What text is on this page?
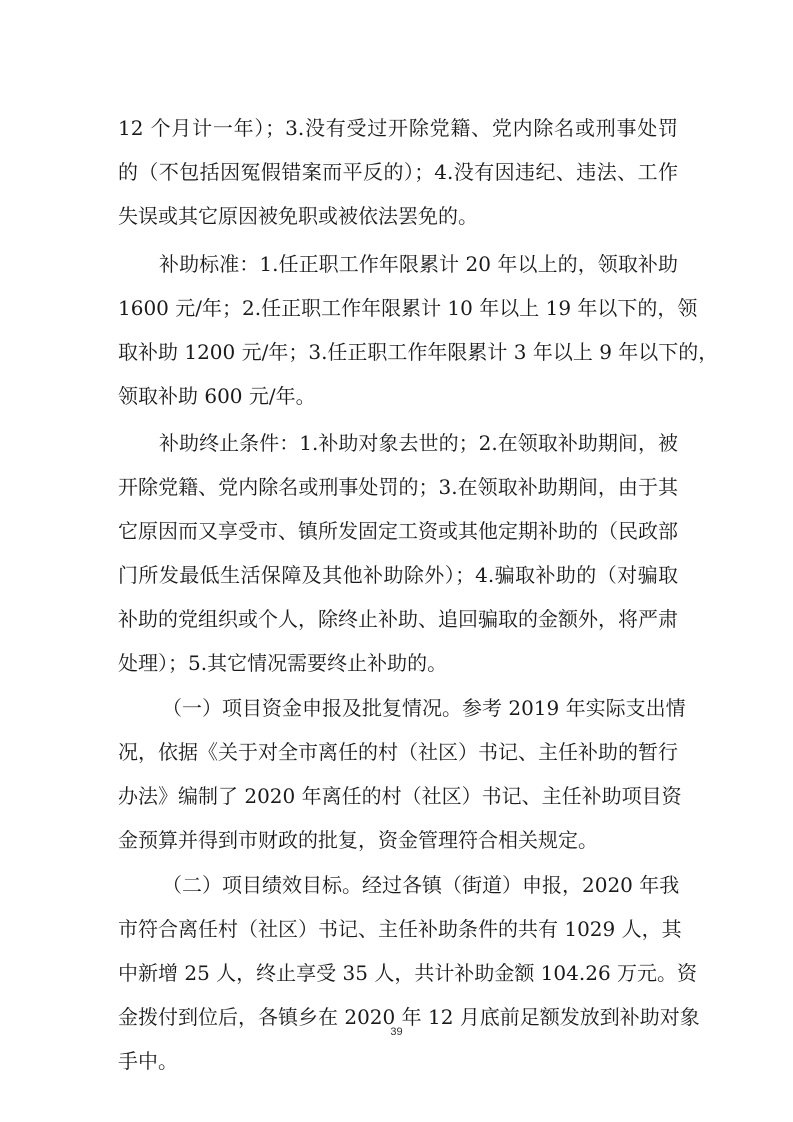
12 个月计一年）；3.没有受过开除党籍、党内除名或刑事处罚
的（不包括因冤假错案而平反的）；4.没有因违纪、违法、工作
失误或其它原因被免职或被依法罢免的。
补助标准：1.任正职工作年限累计 20 年以上的，领取补助
1600 元/年；2.任正职工作年限累计 10 年以上 19 年以下的，领
取补助 1200 元/年；3.任正职工作年限累计 3 年以上 9 年以下的，
领取补助 600 元/年。
补助终止条件：1.补助对象去世的；2.在领取补助期间，被
开除党籍、党内除名或刑事处罚的；3.在领取补助期间，由于其
它原因而又享受市、镇所发固定工资或其他定期补助的（民政部
门所发最低生活保障及其他补助除外）；4.骗取补助的（对骗取
补助的党组织或个人，除终止补助、追回骗取的金额外，将严肃
处理）；5.其它情况需要终止补助的。
（一）项目资金申报及批复情况。参考 2019 年实际支出情
况，依据《关于对全市离任的村（社区）书记、主任补助的暂行
办法》编制了 2020 年离任的村（社区）书记、主任补助项目资
金预算并得到市财政的批复，资金管理符合相关规定。
（二）项目绩效目标。经过各镇（街道）申报，2020 年我
市符合离任村（社区）书记、主任补助条件的共有 1029 人，其
中新增 25 人，终止享受 35 人，共计补助金额 104.26 万元。资
金拨付到位后，各镇乡在 2020 年 12 月底前足额发放到补助对象
手中。
39
